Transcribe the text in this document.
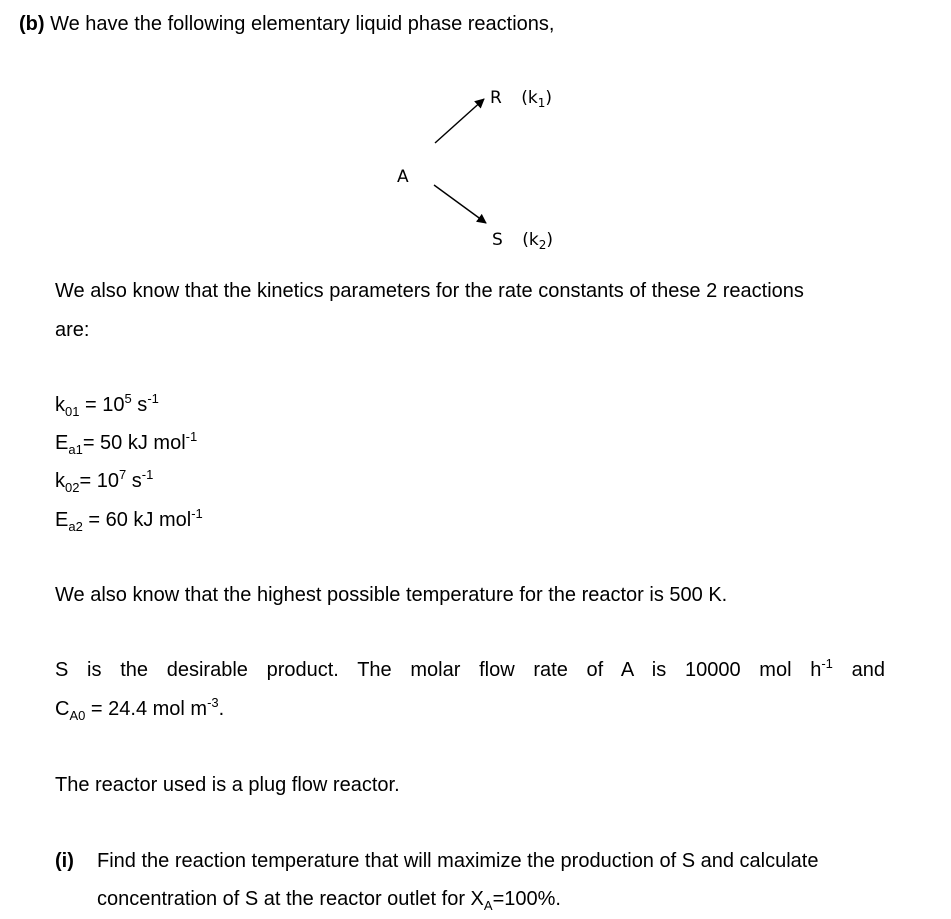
(b) We have the following elementary liquid phase reactions,
A
R $(k_1)$
S $(k_2)$
We also know that the kinetics parameters for the rate constants of these 2 reactions
are:
$k_{01} = 10^5$ $s^{-1}$
$E_{a1}= 50$ kJ mol$^{-1}$
$k_{02}= 10^7$ $s^{-1}$
$E_{a2} = 60$ kJ mol$^{-1}$
We also know that the highest possible temperature for the reactor is 500 K.
S is the desirable product. The molar flow rate of A is 10000 mol $h^{-1}$ and
$C_{A0} = 24.4$ mol $m^{-3}$.
The reactor used is a plug flow reactor.
(i) Find the reaction temperature that will maximize the production of S and calculate
concentration of S at the reactor outlet for $X_A=100\%$.
